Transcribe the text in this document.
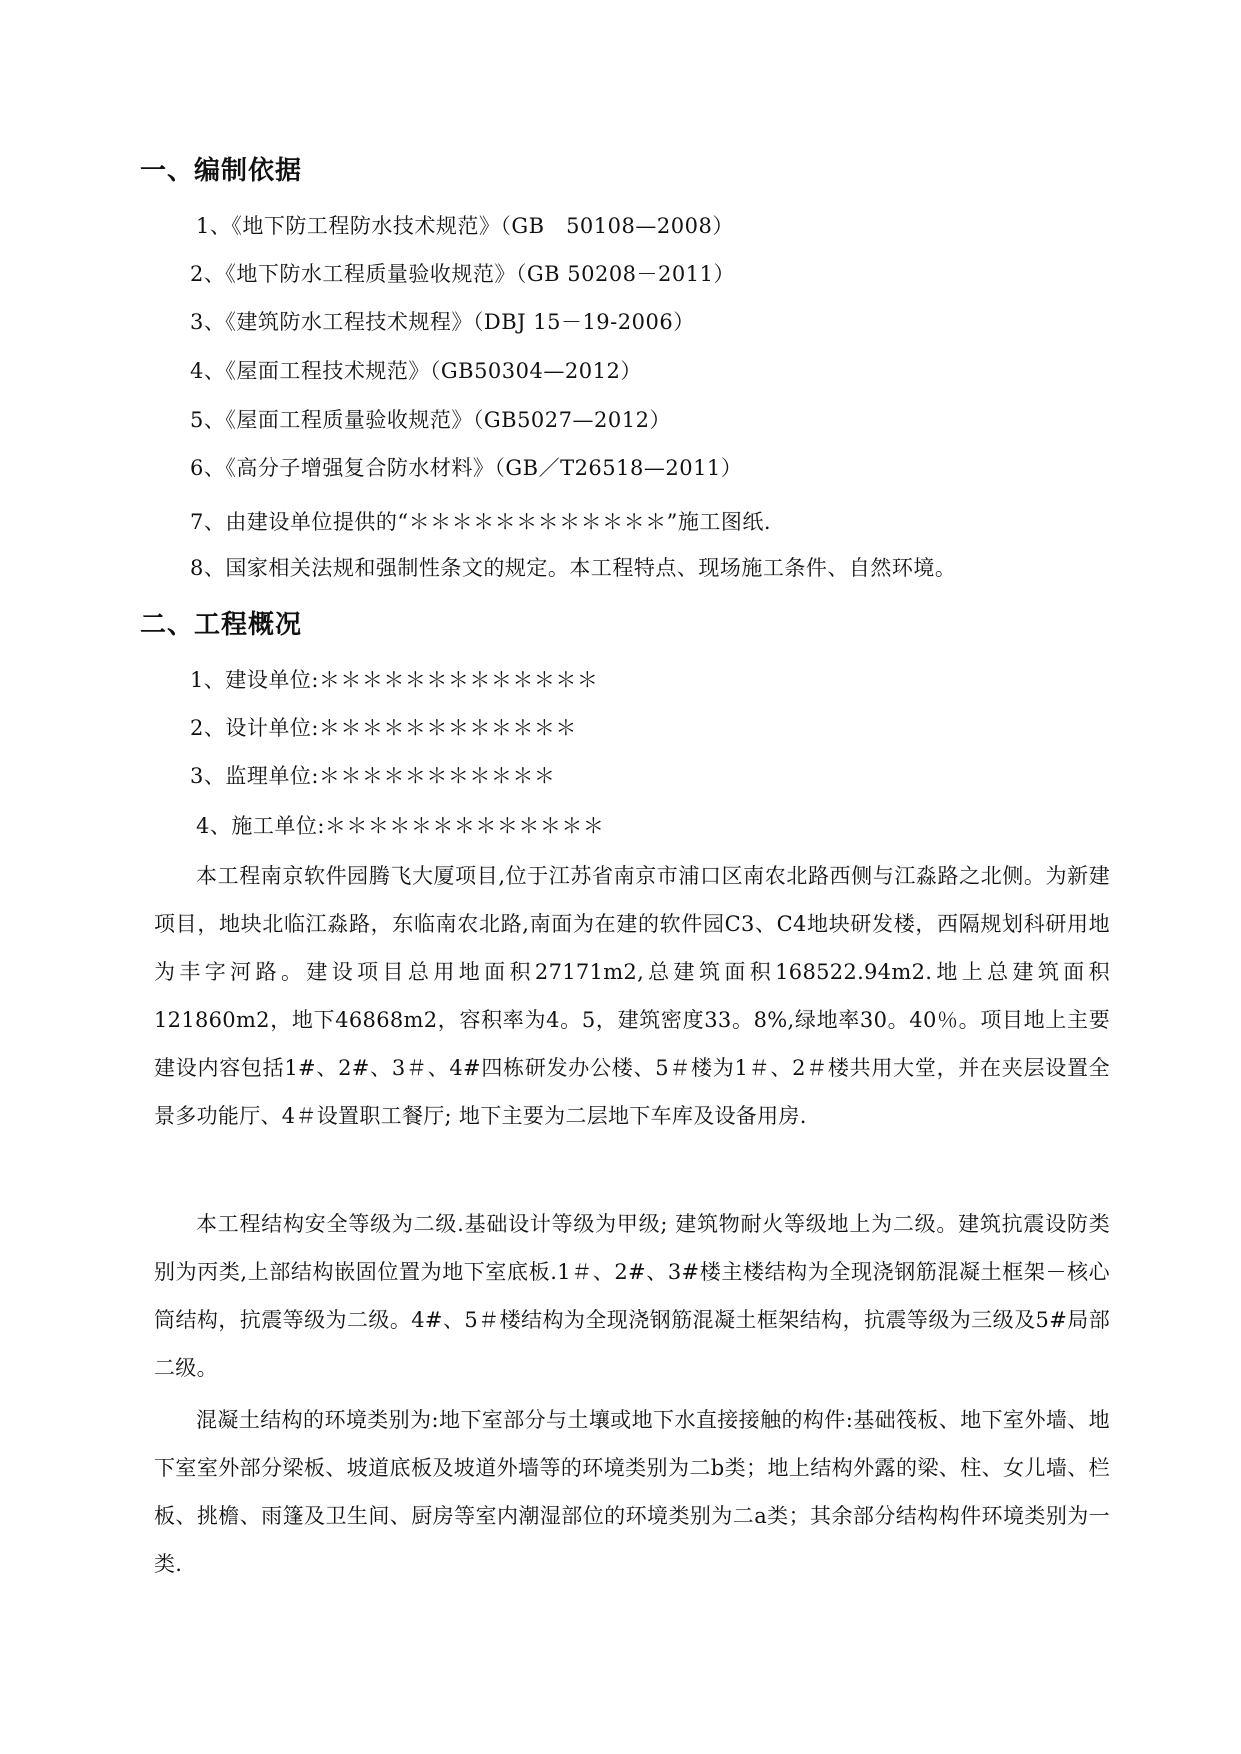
一、编制依据
1、《地下防工程防水技术规范》（GB　50108—2008）
2、《地下防水工程质量验收规范》（GB 50208－2011）
3、《建筑防水工程技术规程》（DBJ 15－19-2006）
4、《屋面工程技术规范》（GB50304—2012）
5、《屋面工程质量验收规范》（GB5027—2012）
6、《高分子增强复合防水材料》（GB／T26518—2011）
7、由建设单位提供的“＊＊＊＊＊＊＊＊＊＊＊＊”施工图纸.
8、国家相关法规和强制性条文的规定。本工程特点、现场施工条件、自然环境。
二、工程概况
1、建设单位:＊＊＊＊＊＊＊＊＊＊＊＊＊
2、设计单位:＊＊＊＊＊＊＊＊＊＊＊＊
3、监理单位:＊＊＊＊＊＊＊＊＊＊＊
4、施工单位:＊＊＊＊＊＊＊＊＊＊＊＊＊

本工程南京软件园腾飞大厦项目,位于江苏省南京市浦口区南农北路西侧与江淼路之北侧。为新建项目，地块北临江淼路，东临南农北路,南面为在建的软件园C3、C4地块研发楼，西隔规划科研用地为丰字河路。建设项目总用地面积27171m2,总建筑面积168522.94m2.地上总建筑面积121860m2，地下46868m2，容积率为4。5，建筑密度33。8%,绿地率30。40％。项目地上主要建设内容包括1#、2#、3＃、4#四栋研发办公楼、5＃楼为1＃、2＃楼共用大堂，并在夹层设置全景多功能厅、4＃设置职工餐厅; 地下主要为二层地下车库及设备用房.

本工程结构安全等级为二级.基础设计等级为甲级; 建筑物耐火等级地上为二级。建筑抗震设防类别为丙类,上部结构嵌固位置为地下室底板.1＃、2#、3#楼主楼结构为全现浇钢筋混凝土框架－核心筒结构，抗震等级为二级。4#、5＃楼结构为全现浇钢筋混凝土框架结构，抗震等级为三级及5#局部二级。

混凝土结构的环境类别为:地下室部分与土壤或地下水直接接触的构件:基础筏板、地下室外墙、地下室室外部分梁板、坡道底板及坡道外墙等的环境类别为二b类；地上结构外露的梁、柱、女儿墙、栏板、挑檐、雨篷及卫生间、厨房等室内潮湿部位的环境类别为二a类；其余部分结构构件环境类别为一类.
